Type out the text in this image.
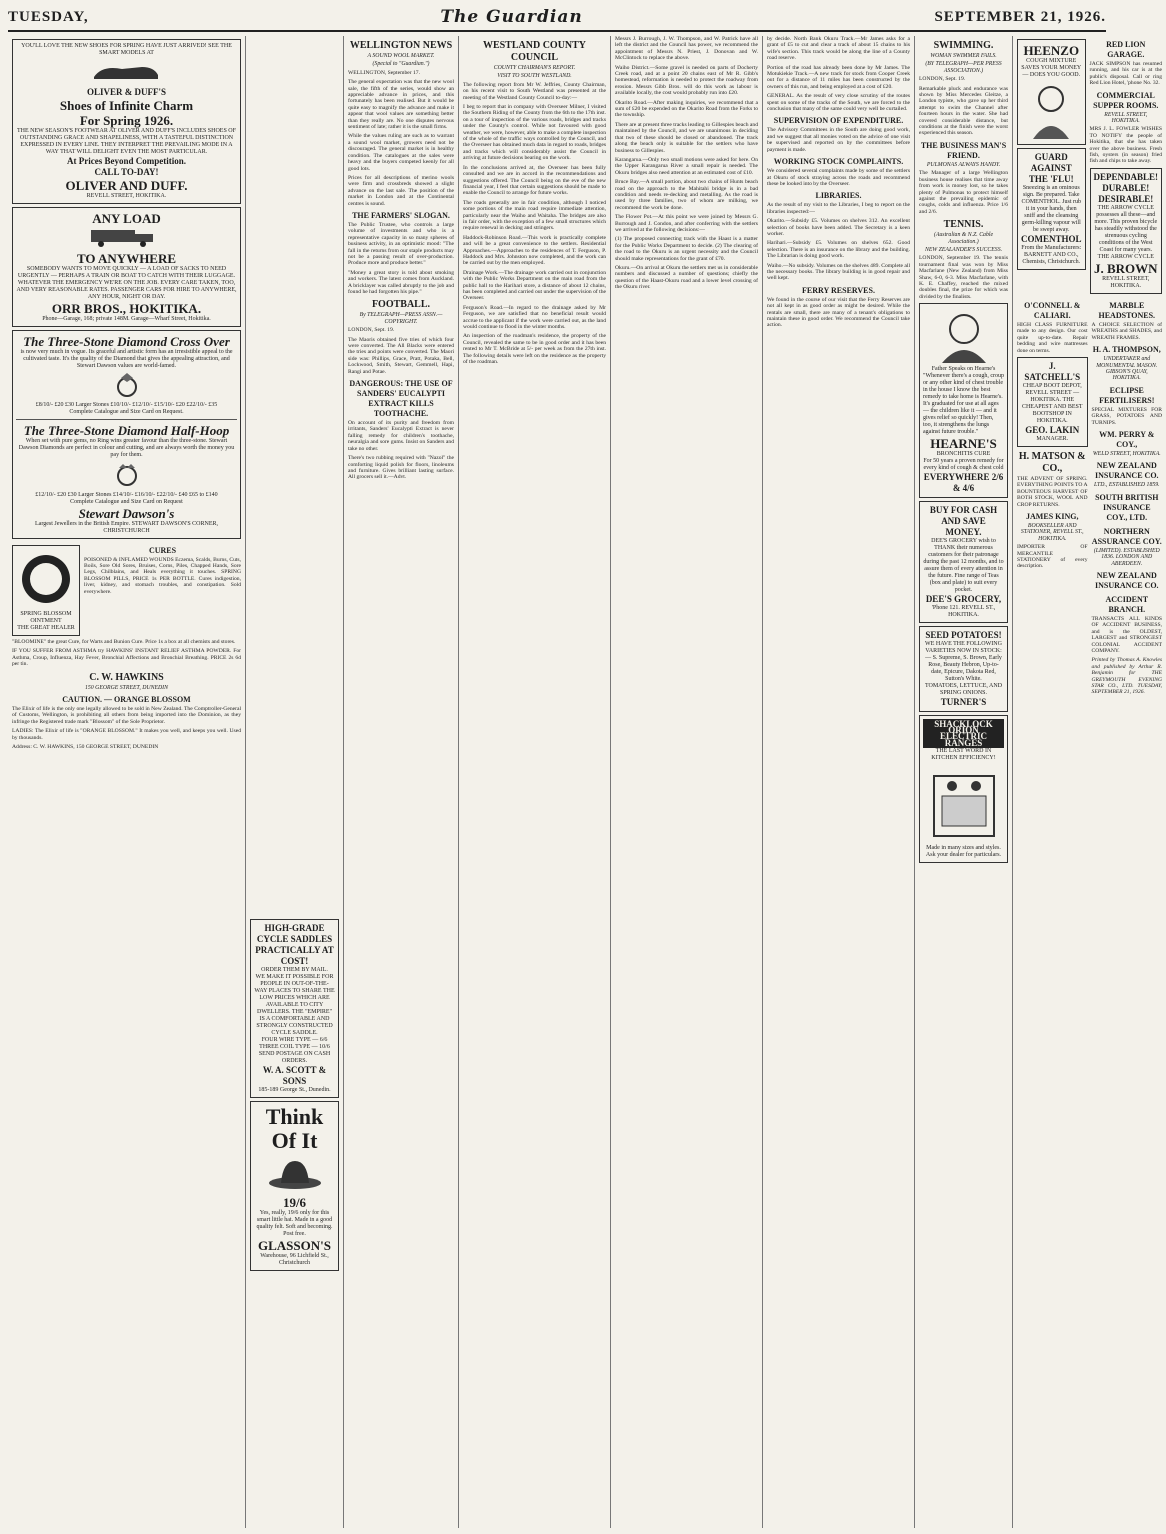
TUESDAY,	The Guardian	SEPTEMBER 21, 1926.
YOU'LL LOVE THE NEW SHOES FOR SPRING HAVE JUST ARRIVED! SEE THE SMART MODELS AT
OLIVER & DUFF'S
Shoes of Infinite Charm
For Spring 1926.
THE NEW SEASON'S FOOTWEAR AT OLIVER AND DUFF'S INCLUDES SHOES OF OUTSTANDING GRACE AND SHAPELINESS, WITH A TASTEFUL DISTINCTION EXPRESSED IN EVERY LINE. THEY INTERPRET THE PREVAILING MODE IN A WAY THAT WILL DELIGHT EVEN THE MOST PARTICULAR.
At Prices Beyond Competition.
CALL TO-DAY!
OLIVER AND DUFF.
REVELL STREET, HOKITIKA.
ANY LOAD
TO ANYWHERE
SOMEBODY WANTS TO MOVE QUICKLY — A LOAD OF SACKS TO NEED URGENTLY — PERHAPS A TRAIN OR BOAT TO CATCH WITH THEIR LUGGAGE. WHATEVER THE EMERGENCY WE'RE ON THE JOB. EVERY CARE TAKEN, TOO, AND VERY REASONABLE RATES. PASSENGER CARS FOR HIRE TO ANYWHERE, ANY HOUR, NIGHT OR DAY.
ORR BROS., HOKITIKA.
Phone—Garage, 168; private 148M. Garage—Wharf Street, Hokitika.
The Three-Stone Diamond Cross Over
is now very much in vogue. Its graceful and artistic form has an irresistible appeal to the cultivated taste. It's the quality of the Diamond that gives the appealing attraction, and Stewart Dawson values are world-famed.
£8/10/- £20 £30 Larger Stones £10/10/- £12/10/- £15/10/- £20 £22/10/- £35
Complete Catalogue and Size Card on Request.
The Three-Stone Diamond Half-Hoop
When set with pure gems, no Ring wins greater favour than the three-stone. Stewart Dawson Diamonds are perfect in colour and cutting, and are always worth the money you pay for them.
£12/10/- £20 £30 Larger Stones £14/10/- £16/10/- £22/10/- £40 £65 to £140
Complete Catalogue and Size Card on Request
Stewart Dawson's
Largest Jewellers in the British Empire. STEWART DAWSON'S CORNER, CHRISTCHURCH
SPRING BLOSSOM OINTMENT
THE GREAT HEALER
CURES
POISONED & INFLAMED WOUNDS Eczema, Scalds, Burns, Cuts, Boils, Sore Old Sores, Bruises, Corns, Piles, Chapped Hands, Sore Legs, Chilblains, and Heals everything it touches. SPRING BLOSSOM PILLS, PRICE 1s PER BOTTLE. Cures indigestion, liver, kidney, and stomach troubles, and constipation. Sold everywhere.
"BLOOMINE" the great Cure, for Warts and Bunion Cure. Price 1s a box at all chemists and stores.
IF YOU SUFFER FROM ASTHMA try HAWKINS' INSTANT RELIEF ASTHMA POWDER. For Asthma, Croup, Influenza, Hay Fever, Bronchial Affections and Bronchial Breathing. PRICE 2s 6d per tin.
C. W. HAWKINS
150 GEORGE STREET, DUNEDIN
CAUTION. — ORANGE BLOSSOM
The Elixir of life is the only one legally allowed to be sold in New Zealand. The Comptroller-General of Customs, Wellington, is prohibiting all others from being imported into the Dominion, as they infringe the Registered trade mark "Blossom" of the Sole Proprietor.
LADIES: The Elixir of life is "ORANGE BLOSSOM." It makes you well, and keeps you well. Used by thousands.
Address: C. W. HAWKINS, 150 GEORGE STREET, DUNEDIN
HIGH-GRADE CYCLE SADDLES PRACTICALLY AT COST!
ORDER THEM BY MAIL.
WE MAKE IT POSSIBLE FOR PEOPLE IN OUT-OF-THE-WAY PLACES TO SHARE THE LOW PRICES WHICH ARE AVAILABLE TO CITY DWELLERS. THE "EMPIRE" IS A COMFORTABLE AND STRONGLY CONSTRUCTED CYCLE SADDLE.
FOUR WIRE TYPE — 6/6
THREE COIL TYPE — 10/6
SEND POSTAGE ON CASH ORDERS.
W. A. SCOTT & SONS
185-189 George St., Dunedin.
Think Of It
19/6
Yes, really, 19/6 only for this smart little hat. Made in a good quality felt. Soft and becoming. Post free.
GLASSON'S
Warehouse, 96 Lichfield St., Christchurch
WELLINGTON NEWS
A SOUND WOOL MARKET.
(Special to "Guardian.")
WELLINGTON, September 17.

The general expectation was that the new wool sale, the fifth of the series, would show an appreciable advance in prices, and this fortunately has been realised. But it would be quite easy to magnify the advance and make it appear that wool values are something better than they really are. No one disputes nervous sentiment of late; rather it is the small firms.

While the values ruling are such as to warrant a sound wool market, growers need not be discouraged. The general market is in healthy condition. The catalogues at the sales were heavy and the buyers competed keenly for all good lots.

Prices for all descriptions of merino wools were firm and crossbreds showed a slight advance on the last sale. The position of the market in London and at the Continental centres is sound.

THE FARMERS' SLOGAN.

The Public Trustee, who controls a large volume of investments and who is a representative capacity in so many spheres of business activity, in an optimistic mood: "The fall in the returns from our staple products may not be a passing result of over-production. Produce more and produce better."

"Money a great story is told about smoking and workers. The latest comes from Auckland. A bricklayer was called abruptly to the job and found he had forgotten his pipe."

FOOTBALL.
By TELEGRAPH—PRESS ASSN.—COPYRIGHT.
LONDON, Sept. 19.

The Maoris obtained five tries of which four were converted. The All Blacks were entered the tries and points were converted. The Maori side was: Phillips, Grace, Pratt, Potaka, Bell, Lockwood, Smith, Stewart, Gemmell, Hapi, Rangi and Potae.

DANGEROUS: THE USE OF SANDERS' EUCALYPTI EXTRACT KILLS TOOTHACHE.

On account of its purity and freedom from irritants, Sanders' Eucalypti Extract is never falling remedy for children's toothache, neuralgia and sore gums. Insist on Sanders and take no other.

There's two rubbing required with "Nazol" the comforting liquid polish for floors, linoleums and furniture. Gives brilliant lasting surface. All grocers sell it.—Advt.

WESTLAND COUNTY COUNCIL
COUNTY CHAIRMAN'S REPORT.
VISIT TO SOUTH WESTLAND.

The following report from Mr W. Jeffries, County Chairman, on his recent visit to South Westland was presented at the meeting of the Westland County Council to-day:—

I beg to report that in company with Overseer Milner, I visited the Southern Riding of the County from the 6th to the 17th inst. on a tour of inspection of the various roads, bridges and tracks under the County's control. While not favoured with good weather, we were, however, able to make a complete inspection of the whole of the traffic ways controlled by the Council, and the Overseer has obtained much data in regard to roads, bridges and tracks which will considerably assist the Council in arriving at future decisions bearing on the work.

In the conclusions arrived at, the Overseer has been fully consulted and we are in accord in the recommendations and suggestions offered. The Council being on the eve of the new financial year, I feel that certain suggestions should be made to enable the Council to arrange for future works.

The roads generally are in fair condition, although I noticed some portions of the main road require immediate attention, particularly near the Waiho and Waitaha. The bridges are also in fair order, with the exception of a few small structures which require renewal in decking and stringers.

Haddock-Robinson Road.—This work is practically complete and will be a great convenience to the settlers. Residential Approaches.—Approaches to the residences of T. Ferguson, P. Haddock and Mrs. Johnston now completed, and the work can be carried out by the men employed.

Drainage Work.—The drainage work carried out in conjunction with the Public Works Department on the main road from the public hall to the Harihari store, a distance of about 12 chains, has been completed and carried out under the supervision of the Overseer.

Ferguson's Road.—In regard to the drainage asked by Mr Ferguson, we are satisfied that no beneficial result would accrue to the applicant if the work were carried out, as the land would continue to flood in the winter months.

An inspection of the roadman's residence, the property of the Council, revealed the same to be in good order and it has been rented to Mr T. McBride at 5/- per week as from the 27th inst. The following details were left on the residence as the property of the roadman.

Messrs J. Burrough, J. W. Thompson, and W. Patrick have all left the district and the Council has power, we recommend the appointment of Messrs N. Priest, J. Donovan and W. McClintock to replace the above.

Waiho District.—Some gravel is needed on parts of Docherty Creek road, and at a point 20 chains east of Mr R. Gibb's homestead, reformation is needed to protect the roadway from erosion. Messrs Gibb Bros. will do this work as labour is available locally, the cost would probably run into £20.

Okarito Road.—After making inquiries, we recommend that a sum of £20 be expended on the Okarito Road from the Forks to the township.

There are at present three tracks leading to Gillespies beach and maintained by the Council, and we are unanimous in deciding that two of these should be closed or abandoned. The track along the beach only is suitable for the settlers who have business to Gillespies.

Karangarua.—Only two small motions were asked for here. On the Upper Karangarua River a small repair is needed. The Okuru bridges also need attention at an estimated cost of £10.

Bruce Bay.—A small portion, about two chains of Hunts beach road on the approach to the Mahitahi bridge is in a bad condition and needs re-decking and metalling. As the road is used by three families, two of whom are milking, we recommend the work be done.

The Flower Pot.—At this point we were joined by Messrs G. Burrough and J. Condon, and after conferring with the settlers we arrived at the following decisions:—

(1) The proposed connecting track with the Haast is a matter for the Public Works Department to decide. (2) The clearing of the road to the Okuru is an urgent necessity and the Council should make representations for the grant of £70.

Okuru.—On arrival at Okuru the settlers met us in considerable numbers and discussed a number of questions; chiefly the question of the Haast-Okuru road and a lower level crossing of the Okuru river.

by decide. North Bank Okuru Track.—Mr James asks for a grant of £5 to cut and clear a track of about 15 chains to his wife's section. This track would be along the line of a County road reserve.

Portion of the road has already been done by Mr James. The Motukiekie Track.—A new track for stock from Cooper Creek out for a distance of 11 miles has been constructed by the owners of this run, and being employed at a cost of £20.

GENERAL. As the result of very close scrutiny of the routes spent on some of the tracks of the South, we are forced to the conclusion that many of the same could very well be curtailed.

SUPERVISION OF EXPENDITURE.

The Advisory Committees in the South are doing good work, and we suggest that all monies voted on the advice of one visit be supervised and reported on by the committees before payment is made.

WORKING STOCK COMPLAINTS.

We considered several complaints made by some of the settlers at Okuru of stock straying across the roads and recommend these be looked into by the Overseer.

LIBRARIES.

As the result of my visit to the Libraries, I beg to report on the libraries inspected:—

Okarito.—Subsidy £5. Volumes on shelves 312. An excellent selection of books have been added. The Secretary is a keen worker.

Harihari.—Subsidy £5. Volumes on shelves 652. Good selection. There is an insurance on the library and the building. The Librarian is doing good work.

Waiho.—No subsidy. Volumes on the shelves 489. Complete all the necessary books. The library building is in good repair and well kept.

FERRY RESERVES.

We found in the course of our visit that the Ferry Reserves are not all kept in as good order as might be desired. While the rentals are small, there are many of a tenant's obligations to maintain these in good order. We recommend the Council take action.

SWIMMING.
WOMAN SWIMMER FAILS.
(BY TELEGRAPH—PER PRESS ASSOCIATION.)
LONDON, Sept. 19.

Remarkable pluck and endurance was shown by Miss Mercedes Gleitze, a London typiste, who gave up her third attempt to swim the Channel after fourteen hours in the water. She had covered considerable distance, but conditions at the finish were the worst experienced this season.

THE BUSINESS MAN'S FRIEND.
PULMONAS ALWAYS HANDY.

The Manager of a large Wellington business house realises that time away from work is money lost, so he takes plenty of Pulmonas to protect himself against the prevailing epidemic of coughs, colds and influenza. Price 1/6 and 2/6.

TENNIS.
(Australian & N.Z. Cable Association.)
NEW ZEALANDER'S SUCCESS.

LONDON, September 19. The tennis tournament final was won by Miss Macfarlane (New Zealand) from Miss Shaw, 6-0, 6-3. Miss Macfarlane, with K. E. Chaffey, reached the mixed doubles final, the prize for which was divided by the finalists.

Father Speaks on Hearne's
"Whenever there's a cough, croup or any other kind of chest trouble in the house I know the best remedy to take home is Hearne's. It's graduated for use at all ages — the children like it — and it gives relief so quickly! Then, too, it strengthens the lungs against future trouble."
HEARNE'S
BRONCHITIS CURE
For 50 years a proven remedy for every kind of cough & chest cold
EVERYWHERE 2/6 & 4/6
BUY FOR CASH AND SAVE MONEY.
DEE'S GROCERY wish to THANK their numerous customers for their patronage during the past 12 months, and to assure them of every attention in the future. Fine range of Teas (box and plate) to suit every pocket.
DEE'S GROCERY,
'Phone 121. REVELL ST., HOKITIKA.
SEED POTATOES!
WE HAVE THE FOLLOWING VARIETIES NOW IN STOCK:— S. Supreme, S. Brown, Early Rose, Beauty Hebron, Up-to-date, Epicure, Dakota Red, Sutton's White.
TOMATOES, LETTUCE, AND SPRING ONIONS.
TURNER'S
SHACKLOCK ORION ELECTRIC RANGES
THE LAST WORD IN KITCHEN EFFICIENCY!
Made in many sizes and styles. Ask your dealer for particulars.
HEENZO
COUGH MIXTURE
SAVES YOUR MONEY — DOES YOU GOOD.
GUARD AGAINST THE 'FLU!
Sneezing is an ominous sign. Be prepared. Take COMENTHOL. Just rub it in your hands, then sniff and the cleansing germ-killing vapour will be swept away.
COMENTHOL
From the Manufacturers: BARNETT AND CO., Chemists, Christchurch.
RED LION GARAGE.

JACK SIMPSON has resumed running, and his car is at the public's disposal. Call or ring Red Lion Hotel, 'phone No. 32.

COMMERCIAL SUPPER ROOMS.
REVELL STREET, HOKITIKA.

MRS J. L. FOWLER WISHES TO NOTIFY the people of Hokitika, that she has taken over the above business. Fresh fish, oysters (in season) fried fish and chips to take away.

DEPENDABLE!
DURABLE!
DESIRABLE!
THE ARROW CYCLE possesses all these—and more. This proven bicycle has steadily withstood the strenuous cycling conditions of the West Coast for many years.
THE ARROW CYCLE
J. BROWN
REVELL STREET, HOKITIKA.
O'CONNELL & CALIARI.

HIGH CLASS FURNITURE made to any design. Our cost quite up-to-date. Repair bedding and wire mattresses done on terms.

J. SATCHELL'S
CHEAP BOOT DEPOT, REVELL STREET — HOKITIKA. THE CHEAPEST AND BEST BOOTSHOP IN HOKITIKA.
GEO. LAKIN
MANAGER.
H. MATSON & CO.,

THE ADVENT OF SPRING. EVERYTHING POINTS TO A BOUNTEOUS HARVEST OF BOTH STOCK, WOOL AND CROP RETURNS.

JAMES KING,
BOOKSELLER AND STATIONER, REVELL ST., HOKITIKA.

IMPORTER OF MERCANTILE STATIONERY of every description.

MARBLE HEADSTONES.

A CHOICE SELECTION of WREATHS and SHADES, and WREATH FRAMES.

H. A. THOMPSON,
UNDERTAKER and MONUMENTAL MASON. GIBSON'S QUAY, HOKITIKA.
ECLIPSE FERTILISERS!

SPECIAL MIXTURES FOR GRASS, POTATOES AND TURNIPS.

WM. PERRY & COY.,
WELD STREET, HOKITIKA.
NEW ZEALAND INSURANCE CO.
LTD., ESTABLISHED 1859.
SOUTH BRITISH INSURANCE COY., LTD.
NORTHERN ASSURANCE COY.
(LIMITED). ESTABLISHED 1836. LONDON AND ABERDEEN.
NEW ZEALAND INSURANCE CO.
ACCIDENT BRANCH.

TRANSACTS ALL KINDS OF ACCIDENT BUSINESS, and is the OLDEST, LARGEST and STRONGEST COLONIAL ACCIDENT COMPANY.

Printed by Thomas A. Knowles and published by Arthur R. Benjamin for THE GREYMOUTH EVENING STAR CO., LTD. TUESDAY, SEPTEMBER 21, 1926.
